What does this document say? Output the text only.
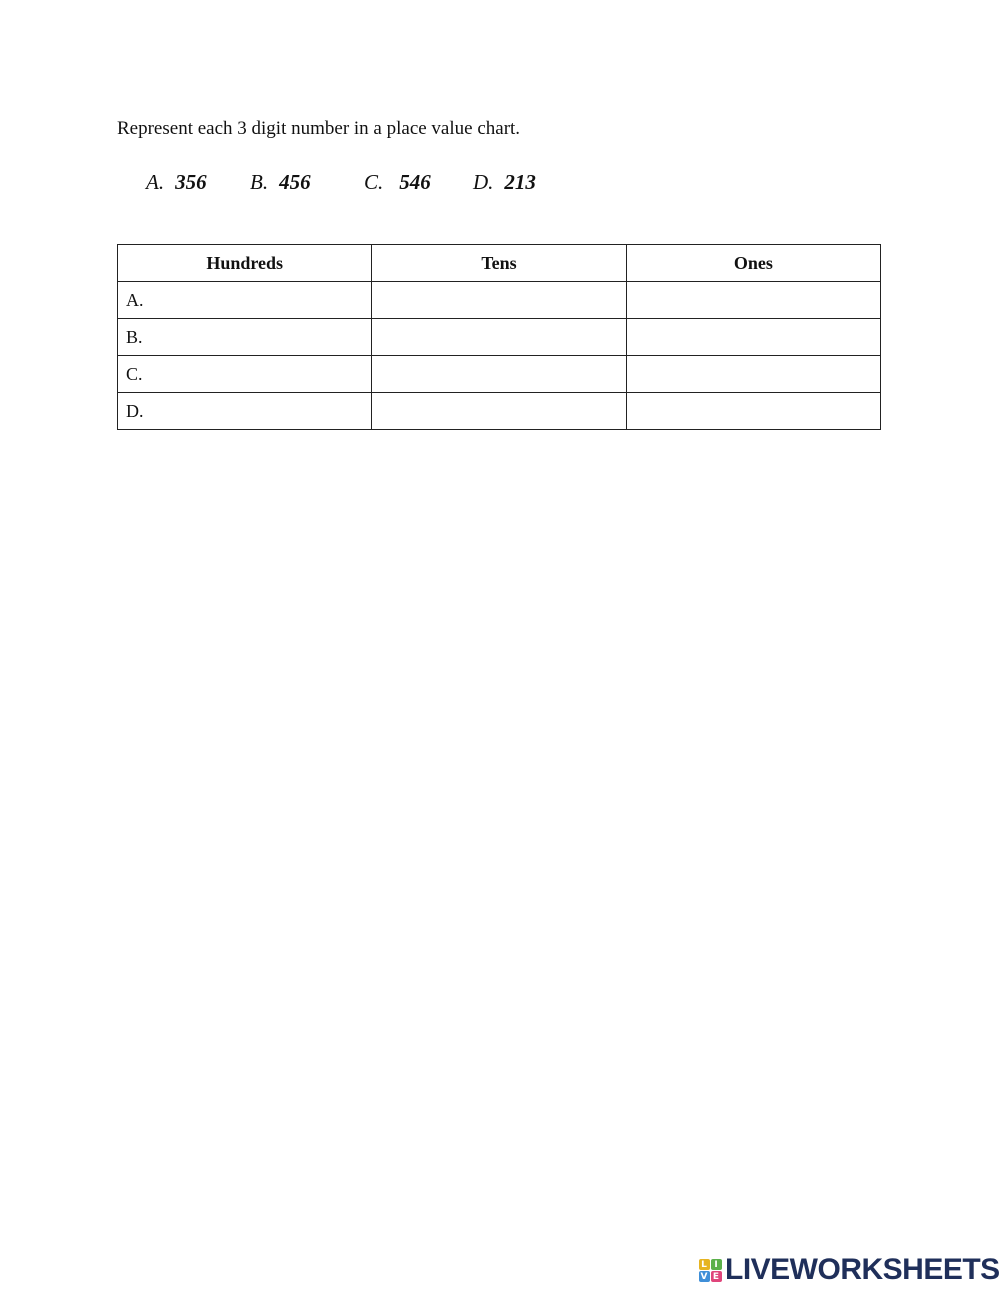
Represent each 3 digit number in a place value chart.
A. 356 B. 456	C. 546 D. 213
Hundreds	Tens	Ones
A.		
B.		
C.		
D.		
L I
V E LIVEWORKSHEETS
